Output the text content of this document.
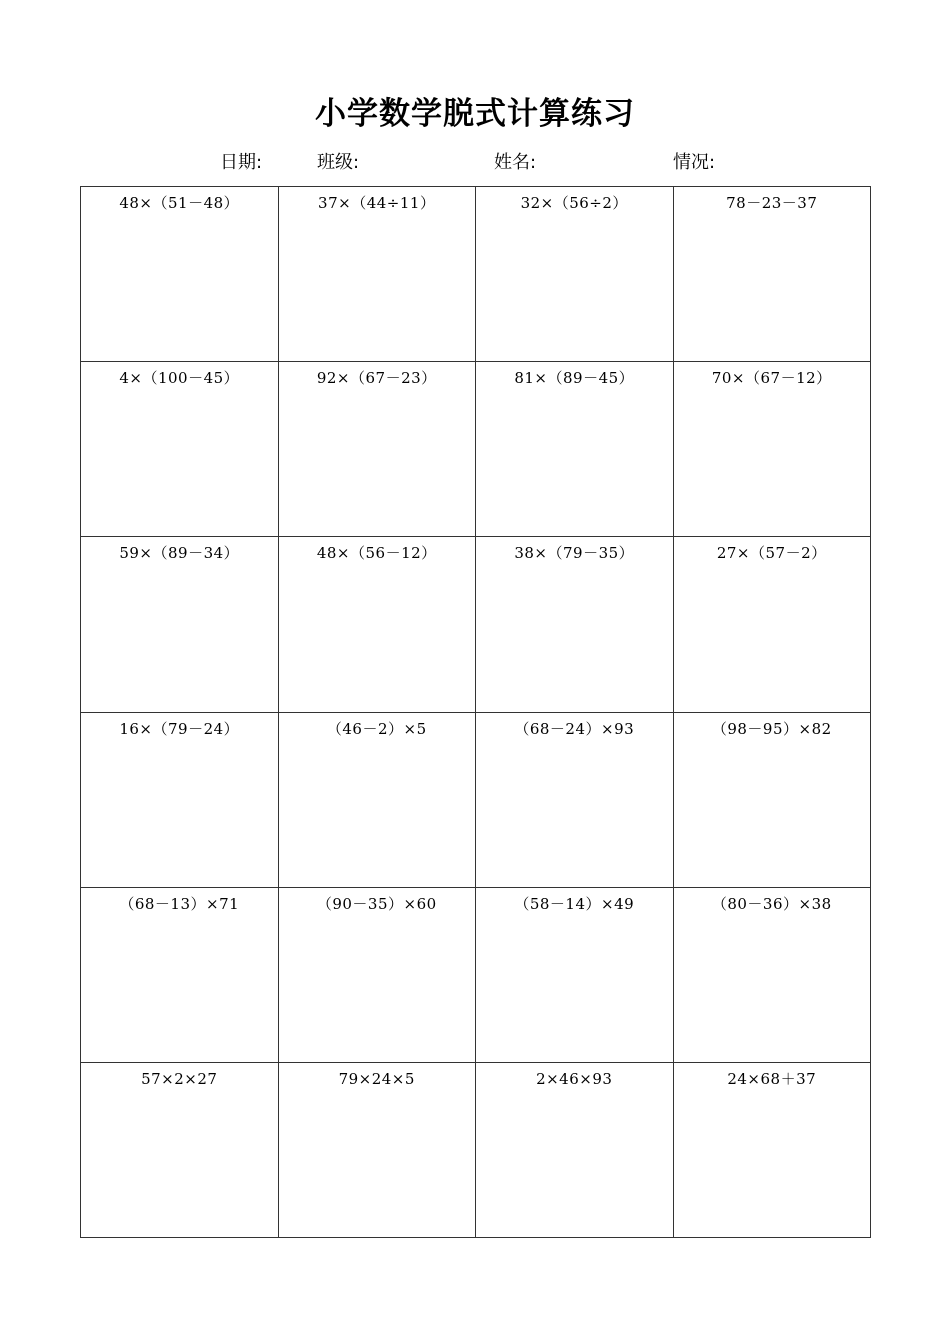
小学数学脱式计算练习
日期:	班级:	姓名:	情况:
48×（51－48）	37×（44÷11）	32×（56÷2）	78－23－37
4×（100－45）	92×（67－23）	81×（89－45）	70×（67－12）
59×（89－34）	48×（56－12）	38×（79－35）	27×（57－2）
16×（79－24）	（46－2）×5	（68－24）×93	（98－95）×82
（68－13）×71	（90－35）×60	（58－14）×49	（80－36）×38
57×2×27	79×24×5	2×46×93	24×68＋37
